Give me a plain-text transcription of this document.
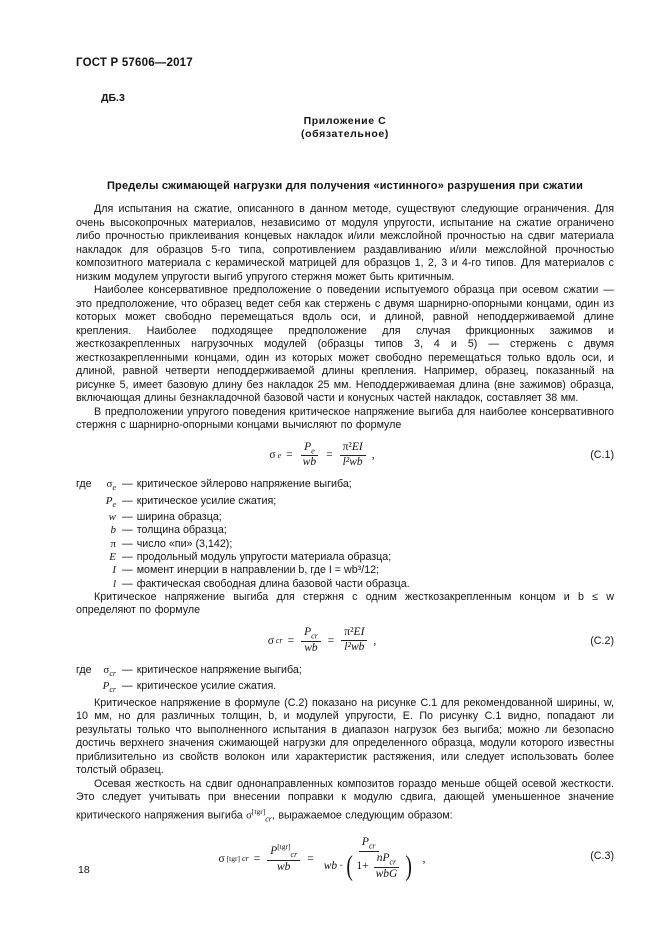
ГОСТ Р 57606—2017
ДБ.3
Приложение С
(обязательное)
Пределы сжимающей нагрузки для получения «истинного» разрушения при сжатии

Для испытания на сжатие, описанного в данном методе, существуют следующие ограничения. Для очень высокопрочных материалов, независимо от модуля упругости, испытание на сжатие ограничено либо прочностью приклеивания концевых накладок и/или межслойной прочностью на сдвиг материала накладок для образцов 5-го типа, сопротивлением раздавливанию и/или межслойной прочностью композитного материала с керамической матрицей для образцов 1, 2, 3 и 4-го типов. Для материалов с низким модулем упругости выгиб упругого стержня может быть критичным.

Наиболее консервативное предположение о поведении испытуемого образца при осевом сжатии — это предположение, что образец ведет себя как стержень с двумя шарнирно-опорными концами, один из которых может свободно перемещаться вдоль оси, и длиной, равной неподдерживаемой длине крепления. Наиболее подходящее предположение для случая фрикционных зажимов и жесткозакрепленных нагрузочных модулей (образцы типов 3, 4 и 5) — стержень с двумя жесткозакрепленными концами, один из которых может свободно перемещаться только вдоль оси, и длиной, равной четверти неподдерживаемой длины крепления. Например, образец, показанный на рисунке 5, имеет базовую длину без накладок 25 мм. Неподдерживаемая длина (вне зажимов) образца, включающая длины безнакладочной базовой части и конусных частей накладок, составляет 38 мм.

В предположении упругого поведения критическое напряжение выгиба для наиболее консервативного стержня с шарнирно-опорными концами вычисляют по формуле

σ $e = \frac{P_e}{wb} = \frac{\text{π²EI}}{\text{l²wb}}$ ,	(С.1)
где $\sigma_e$ — критическое эйлерово напряжение выгиба;
$P_e$ — критическое усилие сжатия;
w — ширина образца;
b — толщина образца;
π — число «пи» (3,142);
E — продольный модуль упругости материала образца;
I — момент инерции в направлении b, где I = wb³/12;
l — фактическая свободная длина базовой части образца.

Критическое напряжение выгиба для стержня с одним жесткозакрепленным концом и b ≤ w определяют по формуле

σ cr = $\frac{P_{cr}}{wb} = \frac{\text{π²EI}}{\text{l²wb}}$ ,	(С.2)
где $\sigma_{cr}$ — критическое напряжение выгиба;
$P_{cr}$ — критическое усилие сжатия.

Критическое напряжение в формуле (С.2) показано на рисунке С.1 для рекомендованной ширины, w, 10 мм, но для различных толщин, b, и модулей упругости, Е. По рисунку С.1 видно, попадают ли результаты только что выполненного испытания в диапазон нагрузок без выгиба; можно ли безопасно достичь верхнего значения сжимающей нагрузки для определенного образца, модули которого известны приблизительно из свойств волокон или характеристик растяжения, или следует использовать более толстый образец.

Осевая жесткость на сдвиг однонаправленных композитов гораздо меньше общей осевой жесткости. Это следует учитывать при внесении поправки к модулю сдвига, дающей уменьшенное значение критического напряжения выгиба $\sigma[tgr]_{cr}$, выражаемое следующим образом:

σ [tgr] cr = $\frac{P^{[tgr]}_{cr}}{wb}$ =
$P_{cr}$
wb · ( $1+ \frac{nP_{cr}}{\text{wbG}}$ ) ,	(С.3)
18
